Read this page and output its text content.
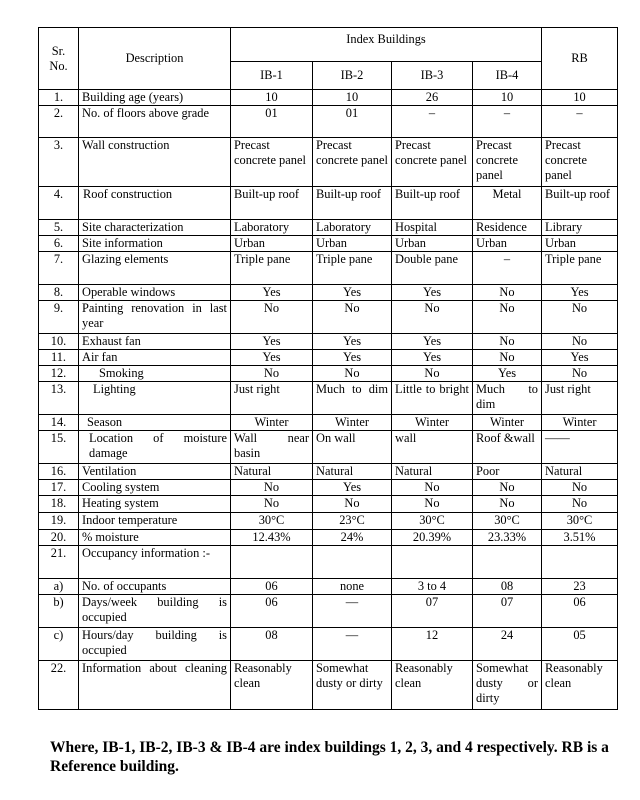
Sr. No.	Description	Index Buildings				RB
		IB-1	IB-2	IB-3	IB-4	
1.	Building age (years)	10	10	26	10	10
2.	No. of floors above grade	01	01	–	–	–
3.	Wall construction	Precast concrete panel	Precast concrete panel	Precast concrete panel	Precast concrete panel	Precast concrete panel
4.	Roof construction	Built-up roof	Built-up roof	Built-up roof	Metal	Built-up roof
5.	Site characterization	Laboratory	Laboratory	Hospital	Residence	Library
6.	Site information	Urban	Urban	Urban	Urban	Urban
7.	Glazing elements	Triple pane	Triple pane	Double pane	–	Triple pane
8.	Operable windows	Yes	Yes	Yes	No	Yes
9.	Painting renovation in last year	No	No	No	No	No
10.	Exhaust fan	Yes	Yes	Yes	No	No
11.	Air fan	Yes	Yes	Yes	No	Yes
12.	Smoking	No	No	No	Yes	No
13.	Lighting	Just right	Much to dim	Little to bright	Much to dim	Just right
14.	Season	Winter	Winter	Winter	Winter	Winter
15.	Location of moisture damage	Wall near basin	On wall	wall	Roof &wall	——
16.	Ventilation	Natural	Natural	Natural	Poor	Natural
17.	Cooling system	No	Yes	No	No	No
18.	Heating system	No	No	No	No	No
19.	Indoor temperature	30°C	23°C	30°C	30°C	30°C
20.	% moisture	12.43%	24%	20.39%	23.33%	3.51%
21.	Occupancy information :-					
a)	No. of occupants	06	none	3 to 4	08	23
b)	Days/week building is occupied	06	—	07	07	06
c)	Hours/day building is occupied	08	—	12	24	05
22.	Information about cleaning	Reasonably clean	Somewhat dusty or dirty	Reasonably clean	Somewhat dusty or dirty	Reasonably clean
Where, IB-1, IB-2, IB-3 & IB-4 are index buildings 1, 2, 3, and 4 respectively. RB is a Reference building.
